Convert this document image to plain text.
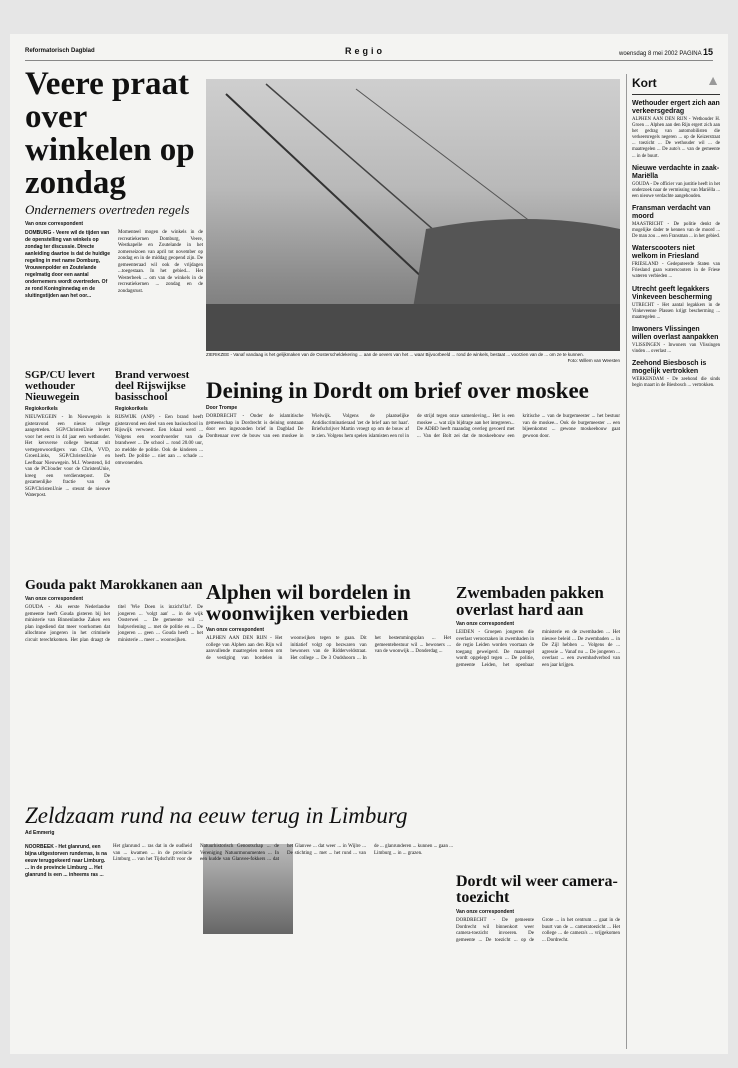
Reformatorisch Dagblad	Regio	woensdag 8 mei 2002 PAGINA 15
Veere praat over winkelen op zondag

Ondernemers overtreden regels

Van onze correspondent

DOMBURG - Veere wil de tijden van de openstelling van winkels op zondag ter discussie. Directe aanleiding daartoe is dat de huidige regeling in met name Domburg, Vrouwenpolder en Zoutelande regelmatig door een aantal ondernemers wordt overtreden. Of ze rond Koninginnedag en de sluitingstijden aan het oor...

Momenteel mogen de winkels in de recreatiekernen Domburg, Veere, Westkapelle en Zoutelande in het zomerseizoen van april tot november op zondag en in de middag geopend zijn. De gemeenteraad wil ook de vrijdagen ...toegestaan. In het gebied... Het Westerbeek ... om van de winkels in de recreatiekernen ... zondag en de zondagsrust.

ZIERIKZEE - Vanaf vandaag is het gelijkmaken van de Oosterscheldekering ... aan de oevers van het ... waar Bijvoorbeeld ... rond de winkels, bestaat ... voorzien van de ... om ze te kunnen.
Foto: Willem van Weesten
Deining in Dordt om brief over moskee

Door Trompe

DORDRECHT - Onder de islamitische gemeenschap in Dordrecht is deining ontstaan door een ingezonden brief in Dagblad De Dordtenaar over de bouw van een moskee in Wielwijk. Volgens de plaatselijke Antidiscriminatieraad 'zet de brief aan tot haat'. Briefschrijver Martin vroegt op om de bouw af te zien. Volgens hem spelen islamisten een rol in de strijd tegen onze samenleving... Het is een moskee ... wat zijn bijdrage aan het integreren... De ADBD heeft maandag overleg gevoerd met ... Van der Bolt zei dat de moskeebouw een kritische ... van de burgemeester ... het bestuur van de moskee... Ook de burgemeester ... een bijeenkomst ... gewone moskeebouw gaat gewoon door.
SGP/CU levert wethouder Nieuwegein

Regiokorikels

NIEUWEGEIN - In Nieuwegein is gisteravond een nieuw college aangetreden. SGP/ChristenUnie levert voor het eerst in 44 jaar een wethouder. Het kersverse college bestaat uit vertegenwoordigers van CDA, VVD, GroenLinks, SGP/ChristenUnie en Leefbaar Nieuwegein. M.J. Woestend, lid van de PCI/ouder voor de ChristenUnie, kreeg een verdienstepost. De gezamenlijke fractie van de SGP/ChristenUnie ... steunt de nieuwe Waterpost.

Brand verwoest deel Rijswijkse basisschool

Regiokorikels

RIJSWIJK (ANP) - Een brand heeft gisteravond een deel van een basisschool in Rijswijk verwoest. Een lokaal werd ... Volgens een woordvoerder van de brandweer ... De school ... rond 20.00 uur, zo meldde de politie. Ook de kinderen ... heeft. De politie ... niet aan ... schade ... omwonenden.

Gouda pakt Marokkanen aan

Van onze correspondent

GOUDA - Als eerste Nederlandse gemeente heeft Gouda gisteren bij het ministerie van Binnenlandse Zaken een plan ingediend dat meer voorkomen dat allochtone jongeren in het criminele circuit terechtkomen. Het plan draagt de titel 'Wie Doen is inzicht?Ja!'. De jongeren ... 'volgt aan' ... in de wijk Oosterwei ... De gemeente wil ... hulpverlening ... met de politie en ... De jongeren ... geen ... Gouda heeft ... het ministerie ... meer ... woonwijken.
Alphen wil bordelen in woonwijken verbieden

Van onze correspondent

ALPHEN AAN DEN RIJN - Het college van Alphen aan den Rijn wil aanvullende maatregelen nemen om de vestiging van bordelen in woonwijken tegen te gaan. Dit initiatief volgt op bezwaren van bewoners van de Ridderveldstraat. Het college ... De 3 Oudshoorn ... In het bestemmingsplan ... Het gemeentebestuur wil ... bewoners ... van de woonwijk ... Donderdag ...
Zwembaden pakken overlast hard aan

Van onze correspondent

LEIDEN - Groepen jongeren die overlast veroorzaken in zwembaden in de regio Leiden worden voortaan de toegang geweigerd. De maatregel wordt opgelegd tegen ... De politie, gemeente Leiden, het openbaar ministerie en de zwembaden ... Het nieuwe beleid ... De zwembaden ... in De Zijl hebben ... Volgens de ... agressie ... Vanaf nu ... De jongeren ... overlast ... een zwembadverbod van een jaar krijgen.
Zeldzaam rund na eeuw terug in Limburg

Ad Emmerig

NOORBEEK - Het glanrund, een bijna uitgestorven runderras, is na eeuw teruggekeerd naar Limburg. ... in de provincie Limburg ... Het glanrund is een ... inheems ras ...

Het glanrund ... ras dat in de oudheid van ... kwamen ... in de provincie Limburg ... van het Tijdschrift voor de Natuurhistorisch Genootschap ... de Vereniging Natuurmonumenten ... In een kudde van Glanvee-fokkers ... dat het Glanvee ... dat weer ... in Wijlre ... De stichting ... met ... het rund ... van de ... glanrunderen ... kunnen ... gaan ... Limburg ... in ... grazen.
Dordt wil weer camera-toezicht

Van onze correspondent

DORDRECHT - De gemeente Dordrecht wil binnenkort weer camera-toezicht invoeren. De gemeente ... De toezicht ... op de Grote ... in het centrum ... gaat in de buurt van de ... cameratoezicht ... Het college ... de camera's ... vrijgekomen ... Dordrecht.
Kort	▲
Wethouder ergert zich aan verkeersgedrag

ALPHEN AAN DEN RIJN - Wethouder H. Groen ... Alphen aan den Rijn ergert zich aan het gedrag van automobilisten die verkeersregels negeren ... op de Keizerstraat ... toezicht ... De wethouder wil ... de maatregelen ... De auto's ... van de gemeente ... in de buurt.

Nieuwe verdachte in zaak-Mariëlla

GOUDA - De officier van justitie heeft in het onderzoek naar de vermissing van Mariëlla ... een nieuwe verdachte aangehouden.

Fransman verdacht van moord

MAASTRICHT - De politie denkt de mogelijke dader te kennen van de moord ... De man zou ... een Fransman ... in het gebied.

Waterscooters niet welkom in Friesland

FRIESLAND - Gedeputeerde Staten van Friesland gaan waterscooters in de Friese wateren verbieden ...

Utrecht geeft legakkers Vinkeveen bescherming

UTRECHT - Het aantal legakkers in de Vinkeveense Plassen krijgt bescherming ... maatregelen ...

Inwoners Vlissingen willen overlast aanpakken

VLISSINGEN - Inwoners van Vlissingen vinden ... overlast ...

Zeehond Biesbosch is mogelijk vertrokken

WERKENDAM - De zeehond die sinds begin maart in de Biesbosch ... vertrokken.
